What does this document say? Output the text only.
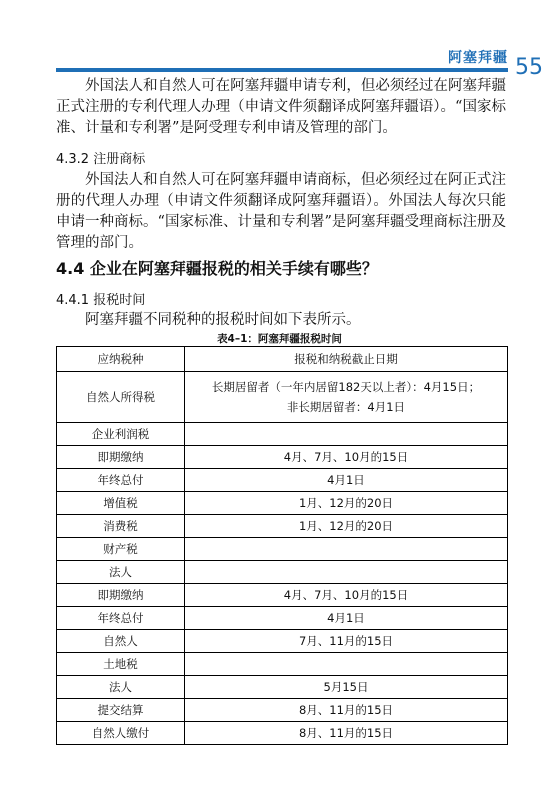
阿塞拜疆 55

外国法人和自然人可在阿塞拜疆申请专利，但必须经过在阿塞拜疆正式注册的专利代理人办理（申请文件须翻译成阿塞拜疆语）。“国家标准、计量和专利署”是阿受理专利申请及管理的部门。

4.3.2 注册商标

外国法人和自然人可在阿塞拜疆申请商标，但必须经过在阿正式注册的代理人办理（申请文件须翻译成阿塞拜疆语）。外国法人每次只能申请一种商标。“国家标准、计量和专利署”是阿塞拜疆受理商标注册及管理的部门。

4.4 企业在阿塞拜疆报税的相关手续有哪些？
4.4.1 报税时间

阿塞拜疆不同税种的报税时间如下表所示。

表4–1：阿塞拜疆报税时间
应纳税种	报税和纳税截止日期
自然人所得税	长期居留者（一年内居留182天以上者）：4月15日；
非长期居留者：4月1日

企业利润税	
即期缴纳	4月、7月、10月的15日
年终总付	4月1日
增值税	1月、12月的20日
消费税	1月、12月的20日
财产税	
法人	
即期缴纳	4月、7月、10月的15日
年终总付	4月1日
自然人	7月、11月的15日
土地税	
法人	5月15日
提交结算	8月、11月的15日
自然人缴付	8月、11月的15日
